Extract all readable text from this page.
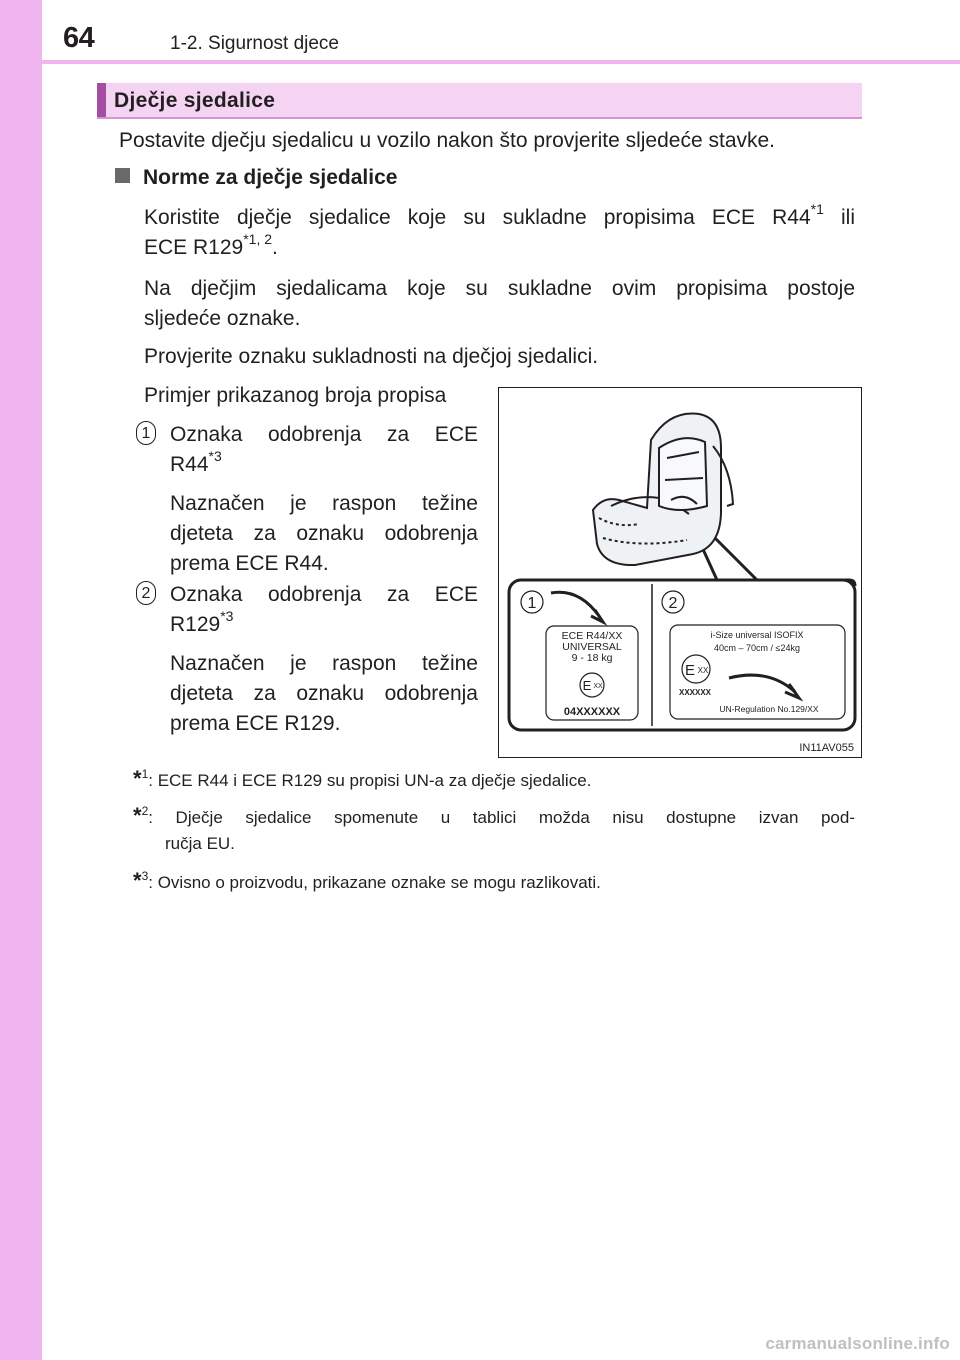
64	1-2. Sigurnost djece
Dječje sjedalice
Postavite dječju sjedalicu u vozilo nakon što provjerite sljedeće stavke.
Norme za dječje sjedalice
Koristite dječje sjedalice koje su sukladne propisima ECE R44$^{*1}$ ili
ECE R129$^{*1, 2}$.
Na dječjim sjedalicama koje su sukladne ovim propisima postoje
sljedeće oznake.
Provjerite oznaku sukladnosti na dječjoj sjedalici.
Primjer prikazanog broja propisa
1 Oznaka odobrenja za ECE
R44$^{*3}$
Naznačen je raspon težine
djeteta za oznaku odobrenja
prema ECE R44.
2 Oznaka odobrenja za ECE
R129$^{*3}$
Naznačen je raspon težine
djeteta za oznaku odobrenja
prema ECE R129.
1
ECE R44/XX
UNIVERSAL
9 - 18 kg
E XX
04XXXXXX
2
i-Size universal ISOFIX
40cm – 70cm / ≤24kg
E XX
XXXXXX
UN-Regulation No.129/XX
IN11AV055
*$^1$: ECE R44 i ECE R129 su propisi UN-a za dječje sjedalice.
*$^2$: Dječje sjedalice spomenute u tablici možda nisu dostupne izvan pod-
ručja EU.
*$^3$: Ovisno o proizvodu, prikazane oznake se mogu razlikovati.
carmanualsonline.info
